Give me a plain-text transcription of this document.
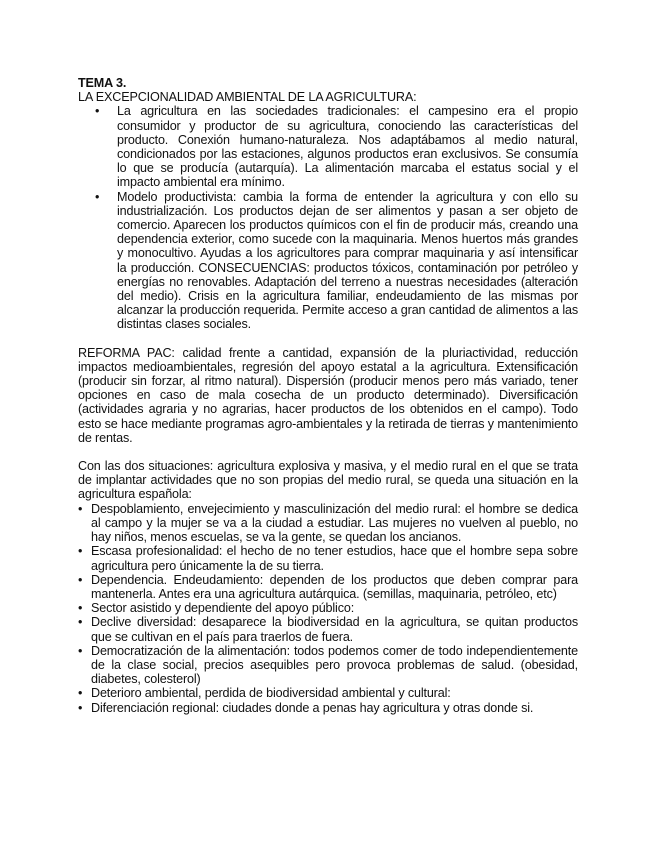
TEMA 3.
LA EXCEPCIONALIDAD AMBIENTAL DE LA AGRICULTURA:
•	La agricultura en las sociedades tradicionales: el campesino era el propio consumidor y productor de su agricultura, conociendo las características del producto. Conexión humano-naturaleza. Nos adaptábamos al medio natural, condicionados por las estaciones, algunos productos eran exclusivos. Se consumía lo que se producía (autarquía). La alimentación marcaba el estatus social y el impacto ambiental era mínimo.
•	Modelo productivista: cambia la forma de entender la agricultura y con ello su industrialización. Los productos dejan de ser alimentos y pasan a ser objeto de comercio. Aparecen los productos químicos con el fin de producir más, creando una dependencia exterior, como sucede con la maquinaria. Menos huertos más grandes y monocultivo. Ayudas a los agricultores para comprar maquinaria y así intensificar la producción. CONSECUENCIAS: productos tóxicos, contaminación por petróleo y energías no renovables. Adaptación del terreno a nuestras necesidades (alteración del medio). Crisis en la agricultura familiar, endeudamiento de las mismas por alcanzar la producción requerida. Permite acceso a gran cantidad de alimentos a las distintas clases sociales.
REFORMA PAC: calidad frente a cantidad, expansión de la pluriactividad, reducción impactos medioambientales, regresión del apoyo estatal a la agricultura. Extensificación (producir sin forzar, al ritmo natural). Dispersión (producir menos pero más variado, tener opciones en caso de mala cosecha de un producto determinado). Diversificación (actividades agraria y no agrarias, hacer productos de los obtenidos en el campo). Todo esto se hace mediante programas agro-ambientales y la retirada de tierras y mantenimiento de rentas.
Con las dos situaciones: agricultura explosiva y masiva, y el medio rural en el que se trata de implantar actividades que no son propias del medio rural, se queda una situación en la agricultura española:
• Despoblamiento, envejecimiento y masculinización del medio rural: el hombre se dedica al campo y la mujer se va a la ciudad a estudiar. Las mujeres no vuelven al pueblo, no hay niños, menos escuelas, se va la gente, se quedan los ancianos.
• Escasa profesionalidad: el hecho de no tener estudios, hace que el hombre sepa sobre agricultura pero únicamente la de su tierra.
• Dependencia. Endeudamiento: dependen de los productos que deben comprar para mantenerla. Antes era una agricultura autárquica. (semillas, maquinaria, petróleo, etc)
• Sector asistido y dependiente del apoyo público:
• Declive diversidad: desaparece la biodiversidad en la agricultura, se quitan productos que se cultivan en el país para traerlos de fuera.
• Democratización de la alimentación: todos podemos comer de todo independientemente de la clase social, precios asequibles pero provoca problemas de salud. (obesidad, diabetes, colesterol)
• Deterioro ambiental, perdida de biodiversidad ambiental y cultural:
• Diferenciación regional: ciudades donde a penas hay agricultura y otras donde si.
